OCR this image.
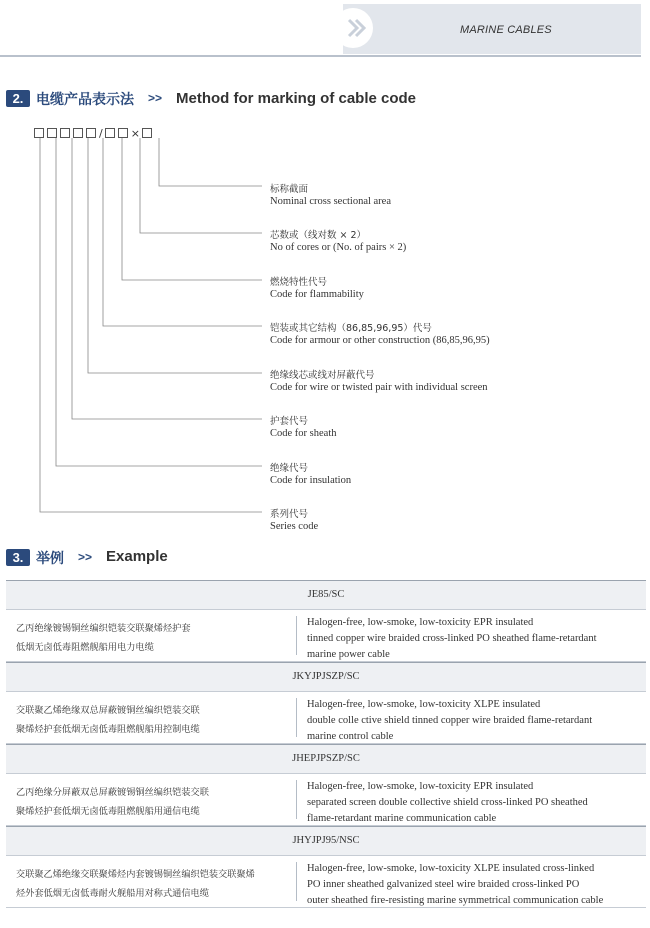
MARINE CABLES
2. 电缆产品表示法 >> Method for marking of cable code
/	×
标称截面
Nominal cross sectional area
芯数或（线对数 × 2）
No of cores or (No. of pairs × 2)
燃烧特性代号
Code for flammability
铠装或其它结构（86,85,96,95）代号
Code for armour or other construction (86,85,96,95)
绝缘线芯或线对屏蔽代号
Code for wire or twisted pair with individual screen
护套代号
Code for sheath
绝缘代号
Code for insulation
系列代号
Series code
3. 举例 >> Example
JE85/SC
乙丙绝缘镀锡铜丝编织铠装交联聚烯烃护套
低烟无卤低毒阻燃舰船用电力电缆
Halogen-free, low-smoke, low-toxicity EPR insulated
tinned copper wire braided cross-linked PO sheathed flame-retardant
marine power cable
JKYJPJSZP/SC
交联聚乙烯绝缘双总屏蔽镀铜丝编织铠装交联
聚烯烃护套低烟无卤低毒阻燃舰船用控制电缆
Halogen-free, low-smoke, low-toxicity XLPE insulated
double colle ctive shield tinned copper wire braided flame-retardant
marine control cable
JHEPJPSZP/SC
乙丙绝缘分屏蔽双总屏蔽镀锡铜丝编织铠装交联
聚烯烃护套低烟无卤低毒阻燃舰船用通信电缆
Halogen-free, low-smoke, low-toxicity EPR insulated
separated screen double collective shield cross-linked PO sheathed
flame-retardant marine communication cable
JHYJPJ95/NSC
交联聚乙烯绝缘交联聚烯烃内套镀锡铜丝编织铠装交联聚烯
烃外套低烟无卤低毒耐火舰船用对称式通信电缆
Halogen-free, low-smoke, low-toxicity XLPE insulated cross-linked
PO inner sheathed galvanized steel wire braided cross-linked PO
outer sheathed fire-resisting marine symmetrical communication cable
